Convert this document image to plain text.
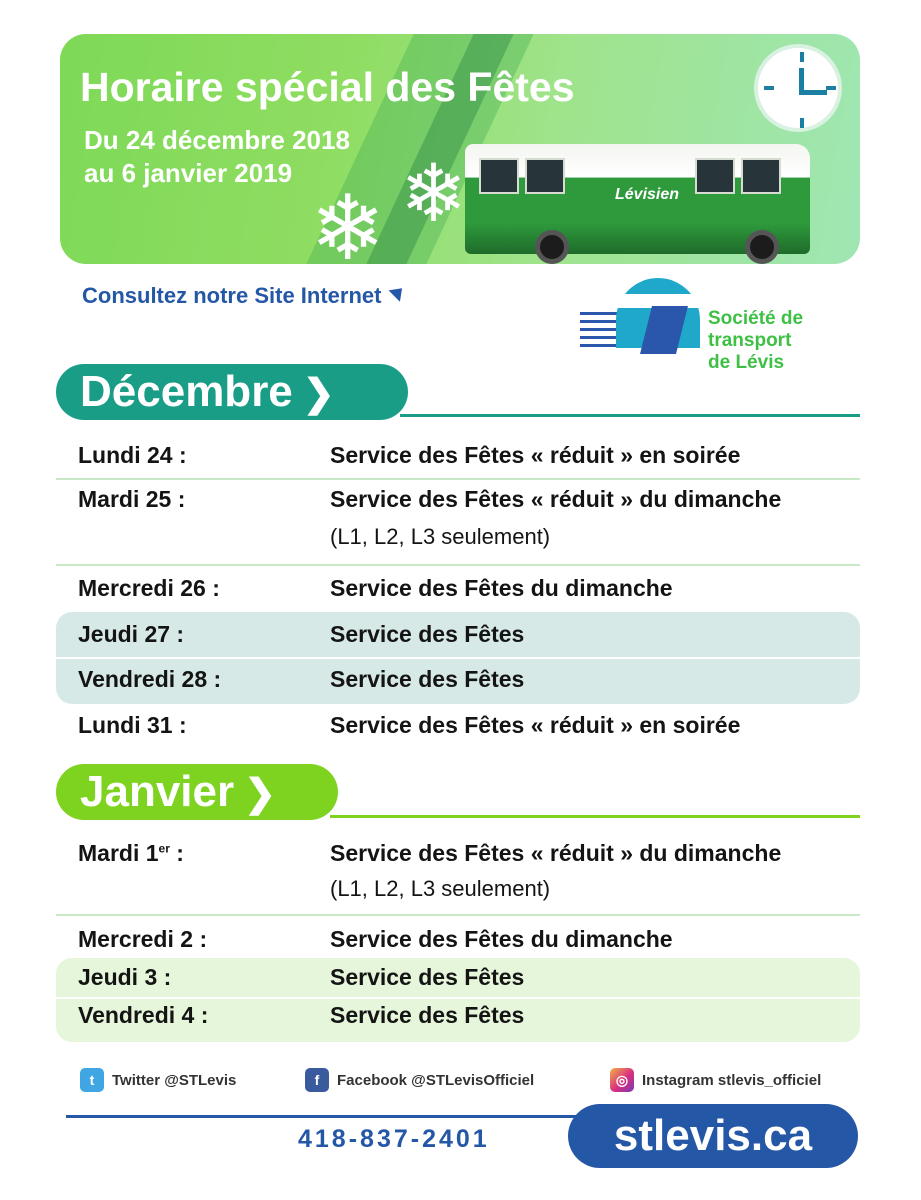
Horaire spécial des Fêtes
Du 24 décembre 2018
au 6 janvier 2019
Lévisien
❄ ❄
Consultez notre Site Internet
Société de
transport
de Lévis
Décembre ❯
Lundi 24 :	Service des Fêtes « réduit » en soirée
Mardi 25 :	Service des Fêtes « réduit » du dimanche
(L1, L2, L3 seulement)
Mercredi 26 :	Service des Fêtes du dimanche
Jeudi 27 :	Service des Fêtes
Vendredi 28 :	Service des Fêtes
Lundi 31 :	Service des Fêtes « réduit » en soirée
Janvier ❯
Mardi 1er :	Service des Fêtes « réduit » du dimanche
(L1, L2, L3 seulement)
Mercredi 2 :	Service des Fêtes du dimanche
Jeudi 3 :	Service des Fêtes
Vendredi 4 :	Service des Fêtes
t	Twitter @STLevis	f	Facebook @STLevisOfficiel	◎ Instagram stlevis_officiel
418-837-2401	stlevis.ca
